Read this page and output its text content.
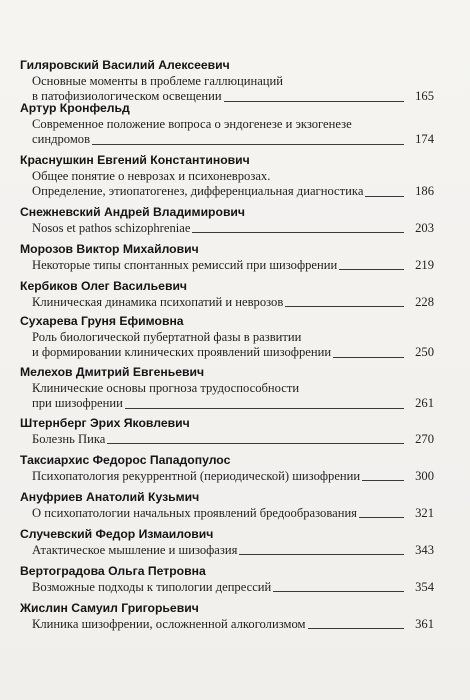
Гиляровский Василий Алексеевич
Основные моменты в проблеме галлюцинаций
в патофизиологическом освещении	165
Артур Кронфельд
Современное положение вопроса о эндогенезе и экзогенезе
синдромов	174
Краснушкин Евгений Константинович
Общее понятие о неврозах и психоневрозах.
Определение, этиопатогенез, дифференциальная диагностика	186
Снежневский Андрей Владимирович
Nosos et pathos schizophreniae	203
Морозов Виктор Михайлович
Некоторые типы спонтанных ремиссий при шизофрении	219
Кербиков Олег Васильевич
Клиническая динамика психопатий и неврозов	228
Сухарева Груня Ефимовна
Роль биологической пубертатной фазы в развитии
и формировании клинических проявлений шизофрении	250
Мелехов Дмитрий Евгеньевич
Клинические основы прогноза трудоспособности
при шизофрении	261
Штернберг Эрих Яковлевич
Болезнь Пика	270
Таксиархис Федорос Пападопулос
Психопатология рекуррентной (периодической) шизофрении	300
Ануфриев Анатолий Кузьмич
О психопатологии начальных проявлений бредообразования	321
Случевский Федор Измаилович
Атактическое мышление и шизофазия	343
Вертоградова Ольга Петровна
Возможные подходы к типологии депрессий	354
Жислин Самуил Григорьевич
Клиника шизофрении, осложненной алкоголизмом	361
